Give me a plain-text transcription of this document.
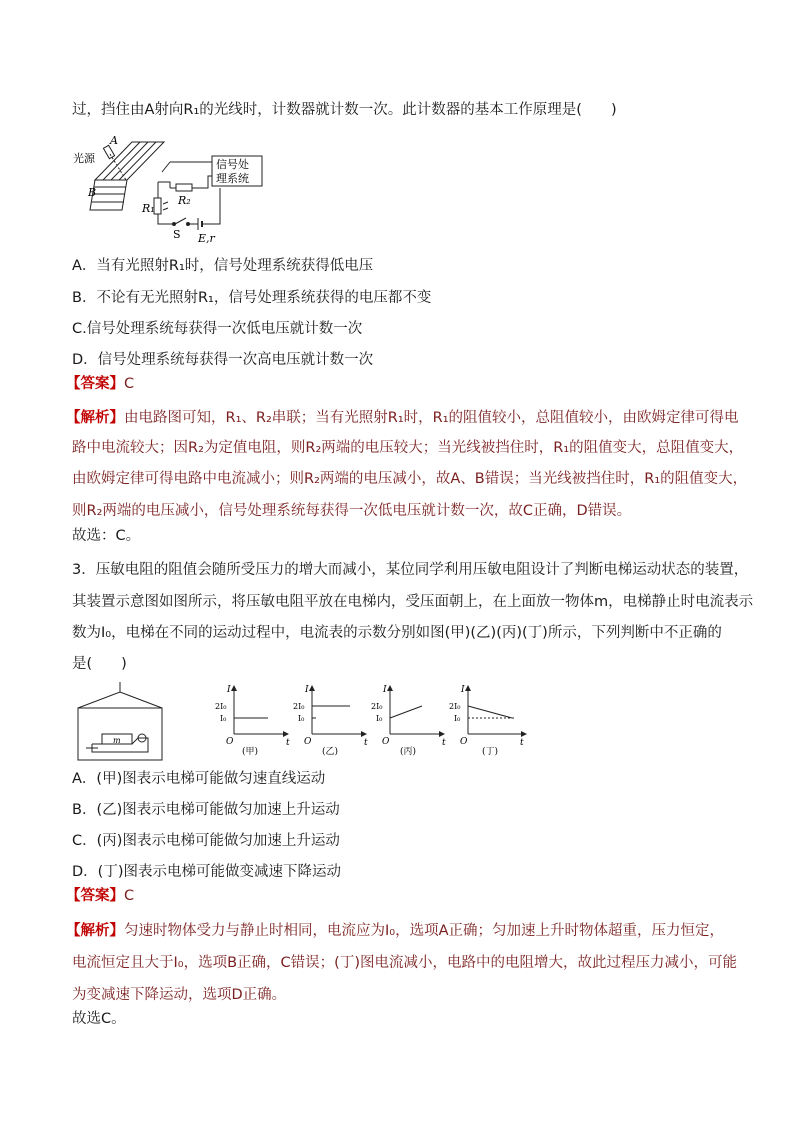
过，挡住由A射向R₁的光线时，计数器就计数一次。此计数器的基本工作原理是(　　)
光源
A
B
信号处
理系统
R₂
R₁
S E,r
A．当有光照射R₁时，信号处理系统获得低电压
B．不论有无光照射R₁，信号处理系统获得的电压都不变
C.信号处理系统每获得一次低电压就计数一次
D．信号处理系统每获得一次高电压就计数一次
【答案】C
【解析】由电路图可知，R₁、R₂串联；当有光照射R₁时，R₁的阻值较小，总阻值较小，由欧姆定律可得电
路中电流较大；因R₂为定值电阻，则R₂两端的电压较大；当光线被挡住时，R₁的阻值变大，总阻值变大，
由欧姆定律可得电路中电流减小；则R₂两端的电压减小，故A、B错误；当光线被挡住时，R₁的阻值变大，
则R₂两端的电压减小，信号处理系统每获得一次低电压就计数一次，故C正确，D错误。
故选：C。
3．压敏电阻的阻值会随所受压力的增大而减小，某位同学利用压敏电阻设计了判断电梯运动状态的装置，
其装置示意图如图所示，将压敏电阻平放在电梯内，受压面朝上，在上面放一物体m，电梯静止时电流表示
数为I₀，电梯在不同的运动过程中，电流表的示数分别如图(甲)(乙)(丙)(丁)所示，下列判断中不正确的
是(　　)
m
I
t
O
2I₀
I₀
(甲)
I
t
O
2I₀
I₀
(乙)
I
t
O
2I₀
I₀
(丙)
I
t
O
2I₀
I₀
(丁)
A．(甲)图表示电梯可能做匀速直线运动
B．(乙)图表示电梯可能做匀加速上升运动
C．(丙)图表示电梯可能做匀加速上升运动
D．(丁)图表示电梯可能做变减速下降运动
【答案】C
【解析】匀速时物体受力与静止时相同，电流应为I₀，选项A正确；匀加速上升时物体超重，压力恒定，
电流恒定且大于I₀，选项B正确，C错误；(丁)图电流减小，电路中的电阻增大，故此过程压力减小，可能
为变减速下降运动，选项D正确。
故选C。
